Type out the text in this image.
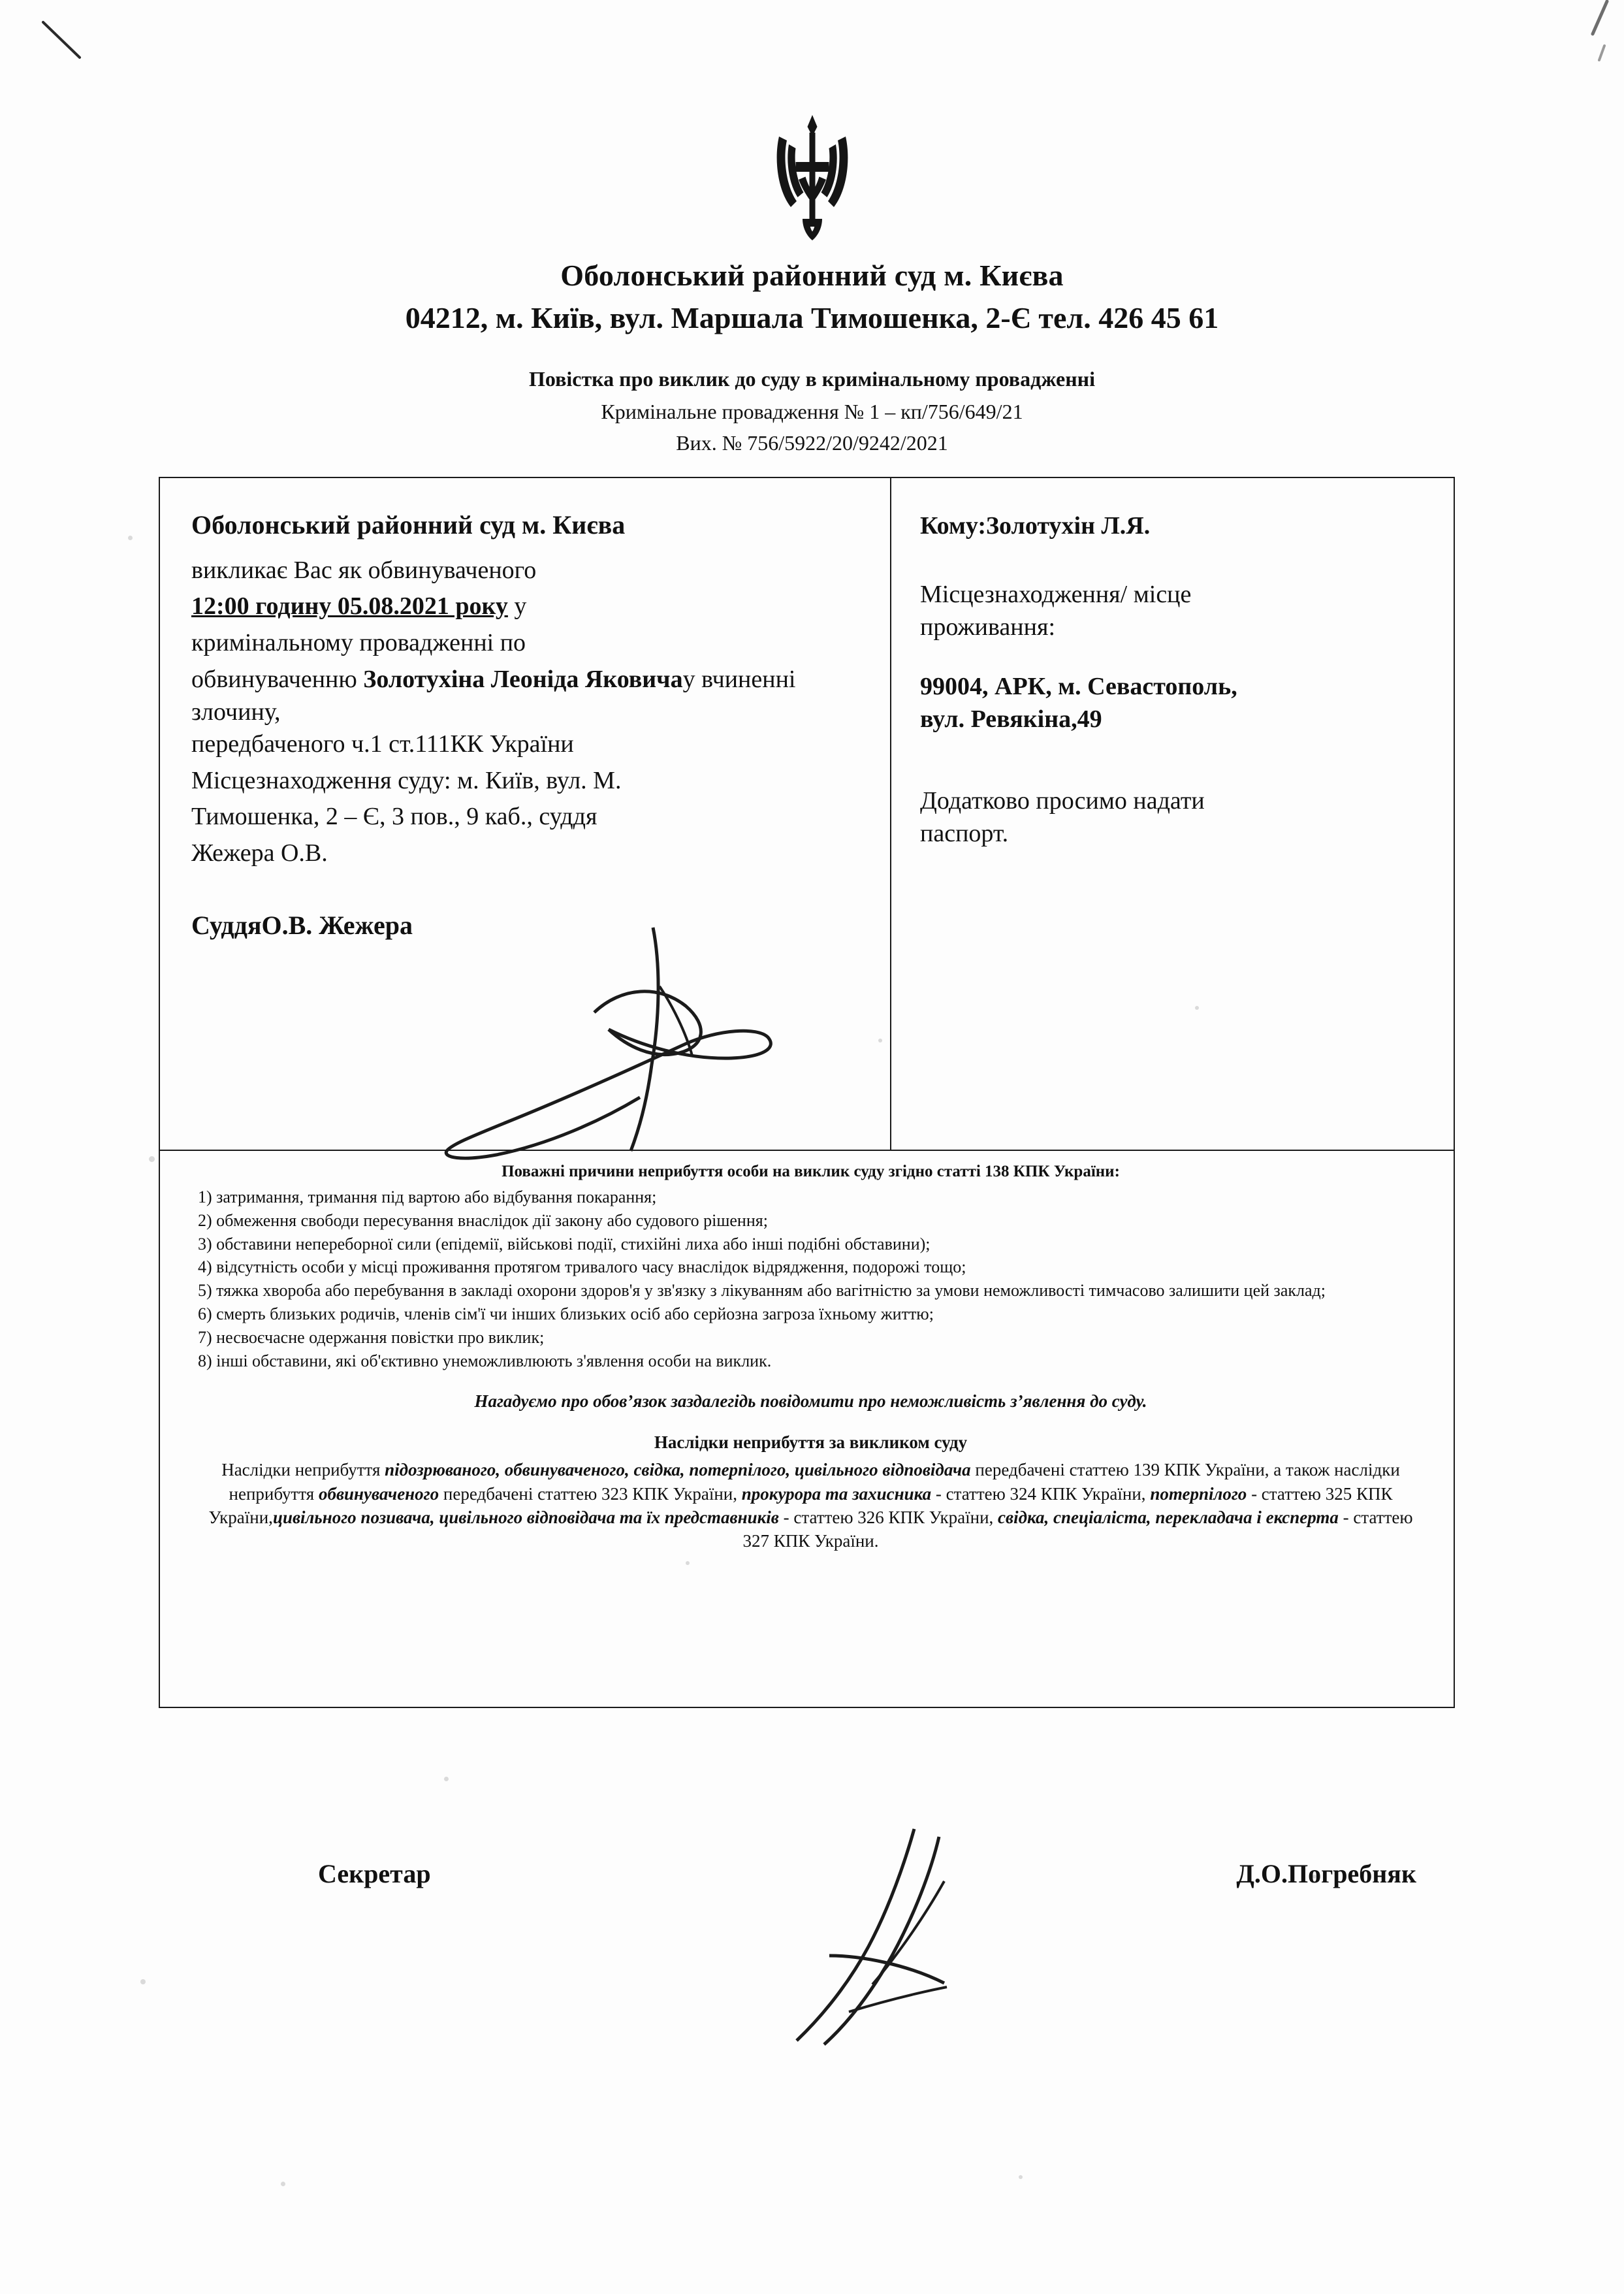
Оболонський районний суд м. Києва
04212, м. Київ, вул. Маршала Тимошенка, 2-Є тел. 426 45 61
Повістка про виклик до суду в кримінальному провадженні
Кримінальне провадження № 1 – кп/756/649/21
Вих. № 756/5922/20/9242/2021
Оболонський районний суд м. Києва
викликає Вас як обвинуваченого
12:00 годину 05.08.2021 року у
кримінальному провадженні по
обвинуваченню Золотухіна Леоніда Яковичау вчиненні злочину,
передбаченого ч.1 ст.111КК України
Місцезнаходження суду: м. Київ, вул. М.
Тимошенка, 2 – Є, 3 пов., 9 каб., суддя
Жежера О.В.
СуддяО.В. Жежера
Кому:Золотухін Л.Я.
Місцезнаходження/ місце
проживання:
99004, АРК, м. Севастополь,
вул. Ревякіна,49
Додатково просимо надати
паспорт.
Поважні причини неприбуття особи на виклик суду згідно статті 138 КПК України:

1) затримання, тримання під вартою або відбування покарання;

2) обмеження свободи пересування внаслідок дії закону або судового рішення;

3) обставини непереборної сили (епідемії, військові події, стихійні лиха або інші подібні обставини);

4) відсутність особи у місці проживання протягом тривалого часу внаслідок відрядження, подорожі тощо;

5) тяжка хвороба або перебування в закладі охорони здоров'я у зв'язку з лікуванням або вагітністю за умови неможливості тимчасово залишити цей заклад;

6) смерть близьких родичів, членів сім'ї чи інших близьких осіб або серйозна загроза їхньому життю;

7) несвоєчасне одержання повістки про виклик;

8) інші обставини, які об'єктивно унеможливлюють з'явлення особи на виклик.

Нагадуємо про обов’язок заздалегідь повідомити про неможливість з’явлення до суду.
Наслідки неприбуття за викликом суду
Наслідки неприбуття підозрюваного, обвинуваченого, свідка, потерпілого, цивільного відповідача передбачені статтею 139 КПК України, а також наслідки неприбуття обвинуваченого передбачені статтею 323 КПК України, прокурора та захисника - статтею 324 КПК України, потерпілого - статтею 325 КПК України,цивільного позивача, цивільного відповідача та їх представників - статтею 326 КПК України, свідка, спеціаліста, перекладача і експерта - статтею 327 КПК України.
Секретар	Д.О.Погребняк
